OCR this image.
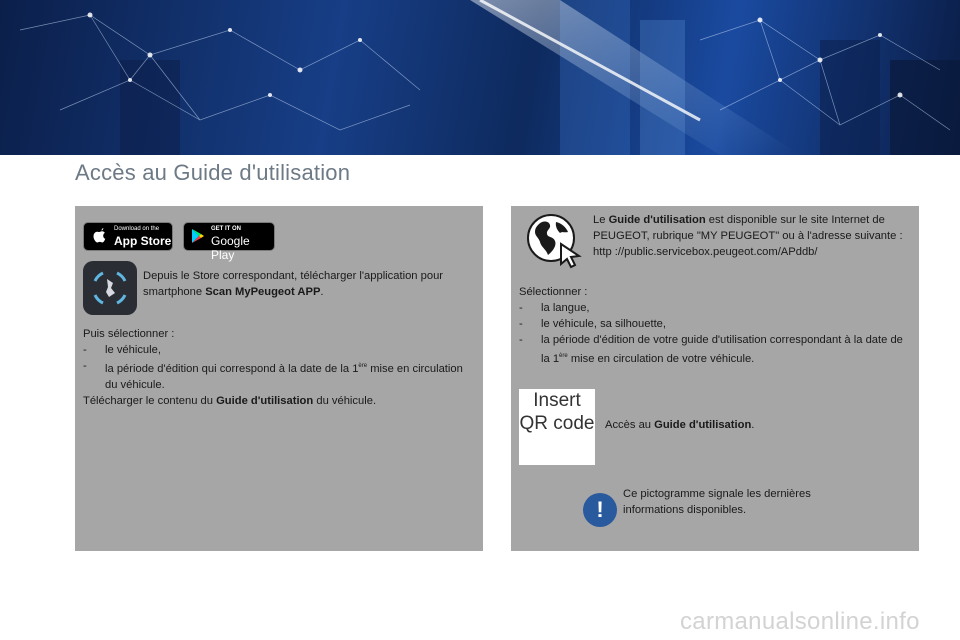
Accès au Guide d'utilisation
Download on the
App Store
GET IT ON
Google Play
Depuis le Store correspondant, télécharger l'application pour smartphone Scan MyPeugeot APP.
Puis sélectionner :
- le véhicule,
- la période d'édition qui correspond à la date de la 1ère mise en circulation du véhicule.
Télécharger le contenu du Guide d'utilisation du véhicule.
Le Guide d'utilisation est disponible sur le site Internet de PEUGEOT, rubrique "MY PEUGEOT" ou à l'adresse suivante :
http ://public.servicebox.peugeot.com/APddb/
Sélectionner :
- la langue,
- le véhicule, sa silhouette,
- la période d'édition de votre guide d'utilisation correspondant à la date de la 1ère mise en circulation de votre véhicule.
Insert QR code Accès au Guide d'utilisation.
!
Ce pictogramme signale les dernières informations disponibles.
carmanualsonline.info
